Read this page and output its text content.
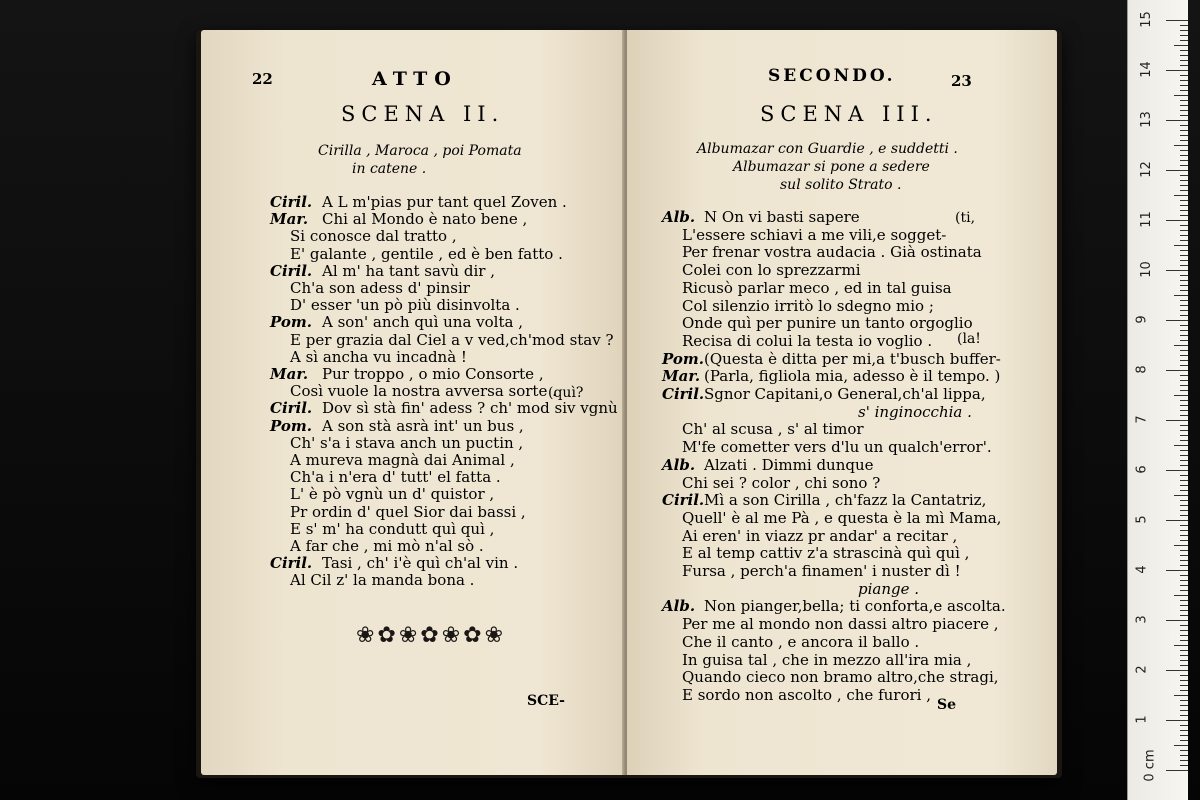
22	ATTO
SCENA II.
Cirilla , Maroca , poi Pomata
in catene .
Ciril. A L m'pias pur tant quel Zoven .
Mar. Chi al Mondo è nato bene ,
Si conosce dal tratto ,
E' galante , gentile , ed è ben fatto .
Ciril. Al m' ha tant savù dir ,
Ch'a son adess d' pinsir
D' esser 'un pò più disinvolta .
Pom. A son' anch quì una volta ,
E per grazia dal Ciel a v ved,ch'mod stav ?
A sì ancha vu incadnà !
Mar. Pur troppo , o mio Consorte ,
Così vuole la nostra avversa sorte .
Ciril. Dov sì stà fin' adess ? ch' mod siv vgnù
Pom. A son stà asrà int' un bus ,
Ch' s'a i stava anch un puctin ,
A mureva magnà dai Animal ,
Ch'a i n'era d' tutt' el fatta .
L' è pò vgnù un d' quistor ,
Pr ordin d' quel Sior dai bassi ,
E s' m' ha condutt quì quì ,
A far che , mi mò n'al sò .
Ciril. Tasi , ch' i'è quì ch'al vin .
Al Cil z' la manda bona .
(quì?
❀✿❀✿❀✿❀
SCE-
SECONDO.	23
SCENA III.
Albumazar con Guardie , e suddetti .
Albumazar si pone a sedere
sul solito Strato .
Alb. N On vi basti sapere
L'essere schiavi a me vili,e sogget-
Per frenar vostra audacia . Già ostinata
Colei con lo sprezzarmi
Ricusò parlar meco , ed in tal guisa
Col silenzio irritò lo sdegno mio ;
Onde quì per punire un tanto orgoglio
Recisa di colui la testa io voglio .
Pom. (Questa è ditta per mi,a t'busch buffer-
Mar. (Parla, figliola mia, adesso è il tempo. )
Ciril. Sgnor Capitani,o General,ch'al lippa,
s' inginocchia .
Ch' al scusa , s' al timor
M'fe cometter vers d'lu un qualch'error'.
Alb. Alzati . Dimmi dunque
Chi sei ? color , chi sono ?
Ciril. Mì a son Cirilla , ch'fazz la Cantatriz,
Quell' è al me Pà , e questa è la mì Mama,
Ai eren' in viazz pr andar' a recitar ,
E al temp cattiv z'a strascinà quì quì ,
Fursa , perch'a finamen' i nuster dì !
piange .
Alb. Non pianger,bella; ti conforta,e ascolta.
Per me al mondo non dassi altro piacere ,
Che il canto , e ancora il ballo .
In guisa tal , che in mezzo all'ira mia ,
Quando cieco non bramo altro,che stragi,
E sordo non ascolto , che furori ,
(ti,
(la!
Se
1
2
3
4
5
6
7
8
9
10
11
12
13
14
15
0 cm
